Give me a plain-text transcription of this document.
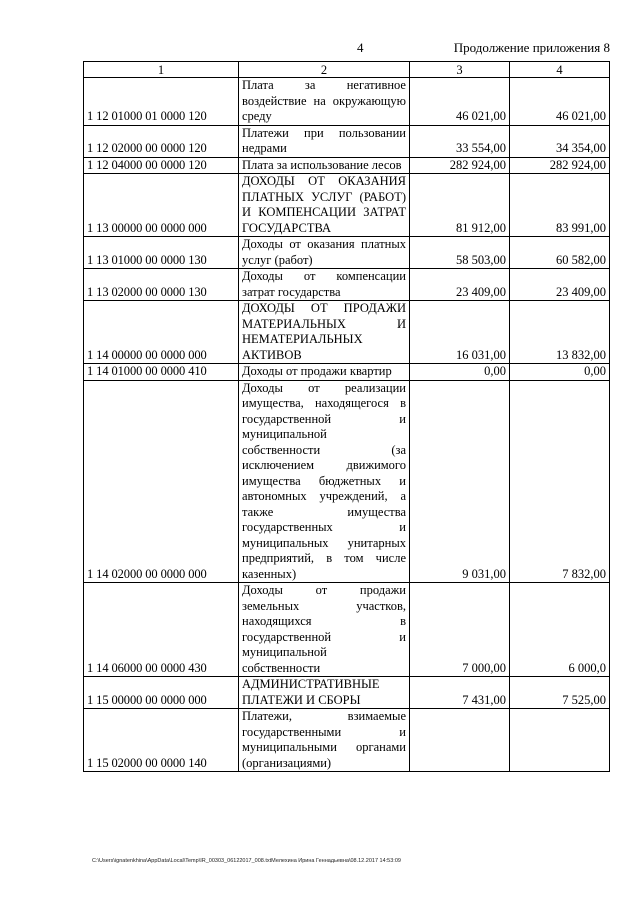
4	Продолжение приложения 8
1	2	3	4
1 12 01000 01 0000 120	Плата за негативное воздействие на окружающую среду	46 021,00	46 021,00
1 12 02000 00 0000 120	Платежи при пользовании недрами	33 554,00	34 354,00
1 12 04000 00 0000 120	Плата за использование лесов	282 924,00	282 924,00
1 13 00000 00 0000 000	ДОХОДЫ ОТ ОКАЗАНИЯ ПЛАТНЫХ УСЛУГ (РАБОТ) И КОМПЕНСАЦИИ ЗАТРАТ ГОСУДАРСТВА	81 912,00	83 991,00
1 13 01000 00 0000 130	Доходы от оказания платных услуг (работ)	58 503,00	60 582,00
1 13 02000 00 0000 130	Доходы от компенсации затрат государства	23 409,00	23 409,00
1 14 00000 00 0000 000	ДОХОДЫ ОТ ПРОДАЖИ МАТЕРИАЛЬНЫХ И НЕМАТЕРИАЛЬНЫХ АКТИВОВ	16 031,00	13 832,00
1 14 01000 00 0000 410	Доходы от продажи квартир	0,00	0,00
1 14 02000 00 0000 000	Доходы от реализации имущества, находящегося в государственной и муниципальной собственности (за исключением движимого имущества бюджетных и автономных учреждений, а также имущества государственных и муниципальных унитарных предприятий, в том числе казенных)	9 031,00	7 832,00
1 14 06000 00 0000 430	Доходы от продажи земельных участков, находящихся в государственной и муниципальной собственности	7 000,00	6 000,0
1 15 00000 00 0000 000	АДМИНИСТРАТИВНЫЕ ПЛАТЕЖИ И СБОРЫ	7 431,00	7 525,00
1 15 02000 00 0000 140	Платежи, взимаемые государственными и муниципальными органами (организациями)		
C:\Users\ignatenkhina\AppData\Local\Temp\IR_00303_06122017_008.txtМелехина Ирина Геннадьевна\08.12.2017 14:53:09
